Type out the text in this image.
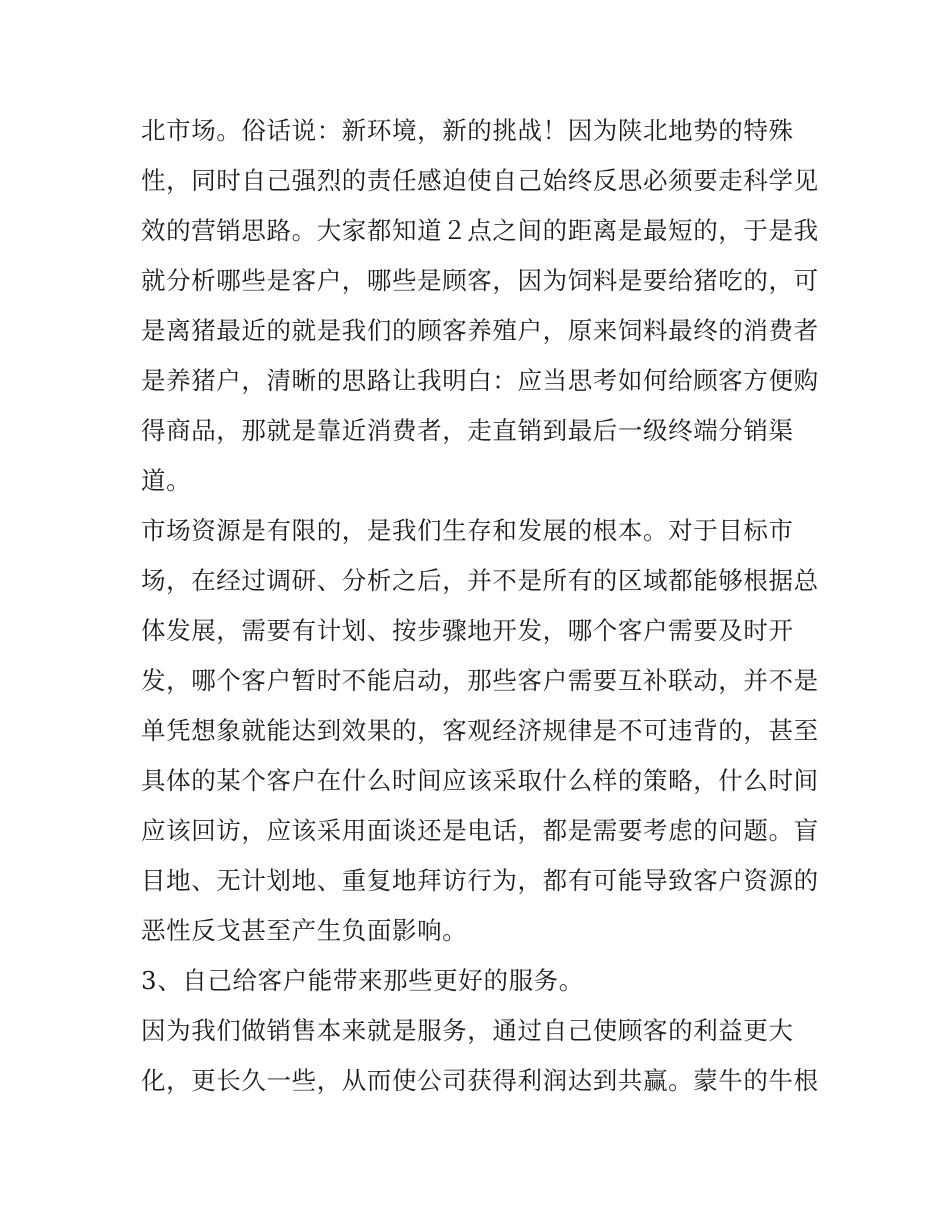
北市场。俗话说：新环境，新的挑战！因为陕北地势的特殊
性，同时自己强烈的责任感迫使自己始终反思必须要走科学见
效的营销思路。大家都知道２点之间的距离是最短的，于是我
就分析哪些是客户，哪些是顾客，因为饲料是要给猪吃的，可
是离猪最近的就是我们的顾客养殖户，原来饲料最终的消费者
是养猪户，清晰的思路让我明白：应当思考如何给顾客方便购
得商品，那就是靠近消费者，走直销到最后一级终端分销渠
道。
市场资源是有限的，是我们生存和发展的根本。对于目标市
场，在经过调研、分析之后，并不是所有的区域都能够根据总
体发展，需要有计划、按步骤地开发，哪个客户需要及时开
发，哪个客户暂时不能启动，那些客户需要互补联动，并不是
单凭想象就能达到效果的，客观经济规律是不可违背的，甚至
具体的某个客户在什么时间应该采取什么样的策略，什么时间
应该回访，应该采用面谈还是电话，都是需要考虑的问题。盲
目地、无计划地、重复地拜访行为，都有可能导致客户资源的
恶性反戈甚至产生负面影响。
3、自己给客户能带来那些更好的服务。
因为我们做销售本来就是服务，通过自己使顾客的利益更大
化，更长久一些，从而使公司获得利润达到共赢。蒙牛的牛根
